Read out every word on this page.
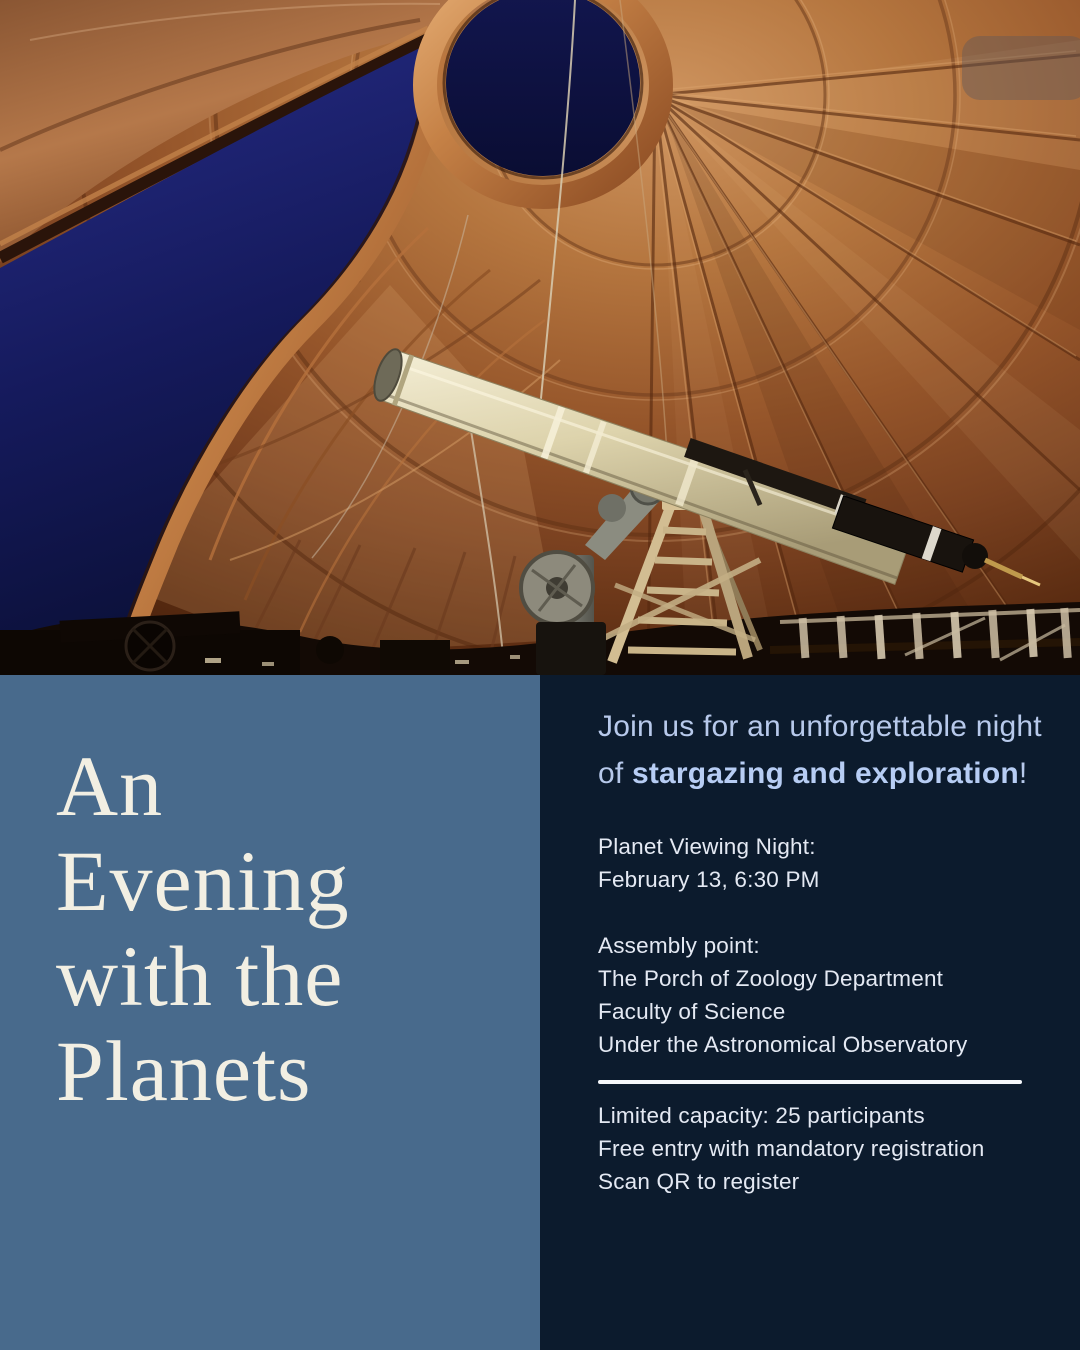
An
Evening
with the
Planets

Join us for an unforgettable night of stargazing and exploration!

Planet Viewing Night:
February 13, 6:30 PM
Assembly point:
The Porch of Zoology Department
Faculty of Science
Under the Astronomical Observatory
Limited capacity: 25 participants
Free entry with mandatory registration
Scan QR to register
